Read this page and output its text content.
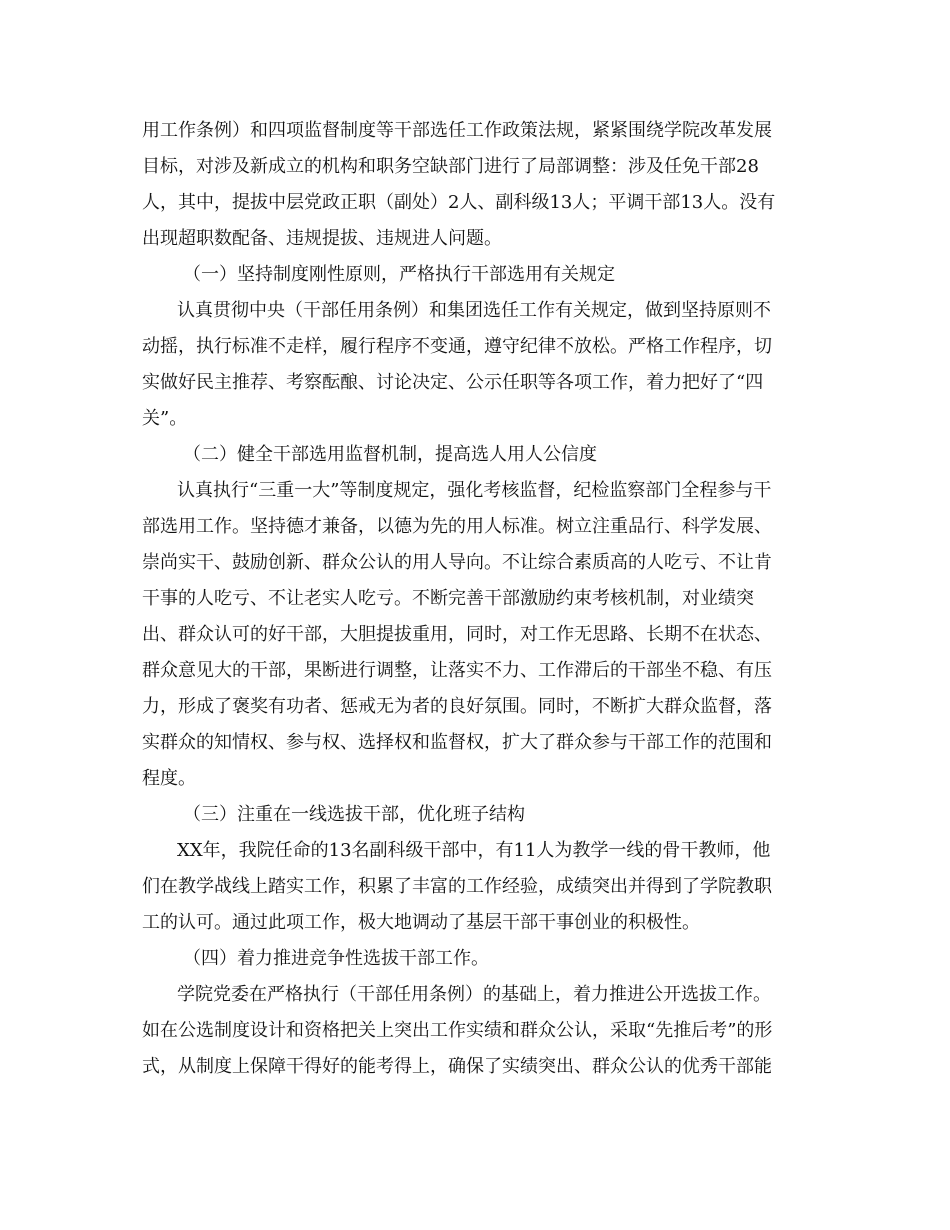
用工作条例）和四项监督制度等干部选任工作政策法规，紧紧围绕学院改革发展

目标，对涉及新成立的机构和职务空缺部门进行了局部调整：涉及任免干部28

人，其中，提拔中层党政正职（副处）2人、副科级13人；平调干部13人。没有

出现超职数配备、违规提拔、违规进人问题。

（一）坚持制度刚性原则，严格执行干部选用有关规定

认真贯彻中央（干部任用条例）和集团选任工作有关规定，做到坚持原则不

动摇，执行标准不走样，履行程序不变通，遵守纪律不放松。严格工作程序，切

实做好民主推荐、考察酝酿、讨论决定、公示任职等各项工作，着力把好了“四

关”。

（二）健全干部选用监督机制，提高选人用人公信度

认真执行“三重一大”等制度规定，强化考核监督，纪检监察部门全程参与干

部选用工作。坚持德才兼备，以德为先的用人标准。树立注重品行、科学发展、

崇尚实干、鼓励创新、群众公认的用人导向。不让综合素质高的人吃亏、不让肯

干事的人吃亏、不让老实人吃亏。不断完善干部激励约束考核机制，对业绩突

出、群众认可的好干部，大胆提拔重用，同时，对工作无思路、长期不在状态、

群众意见大的干部，果断进行调整，让落实不力、工作滞后的干部坐不稳、有压

力，形成了褒奖有功者、惩戒无为者的良好氛围。同时，不断扩大群众监督，落

实群众的知情权、参与权、选择权和监督权，扩大了群众参与干部工作的范围和

程度。

（三）注重在一线选拔干部，优化班子结构

XX年，我院任命的13名副科级干部中，有11人为教学一线的骨干教师，他

们在教学战线上踏实工作，积累了丰富的工作经验，成绩突出并得到了学院教职

工的认可。通过此项工作，极大地调动了基层干部干事创业的积极性。

（四）着力推进竞争性选拔干部工作。

学院党委在严格执行（干部任用条例）的基础上，着力推进公开选拔工作。

如在公选制度设计和资格把关上突出工作实绩和群众公认，采取“先推后考”的形

式，从制度上保障干得好的能考得上，确保了实绩突出、群众公认的优秀干部能
